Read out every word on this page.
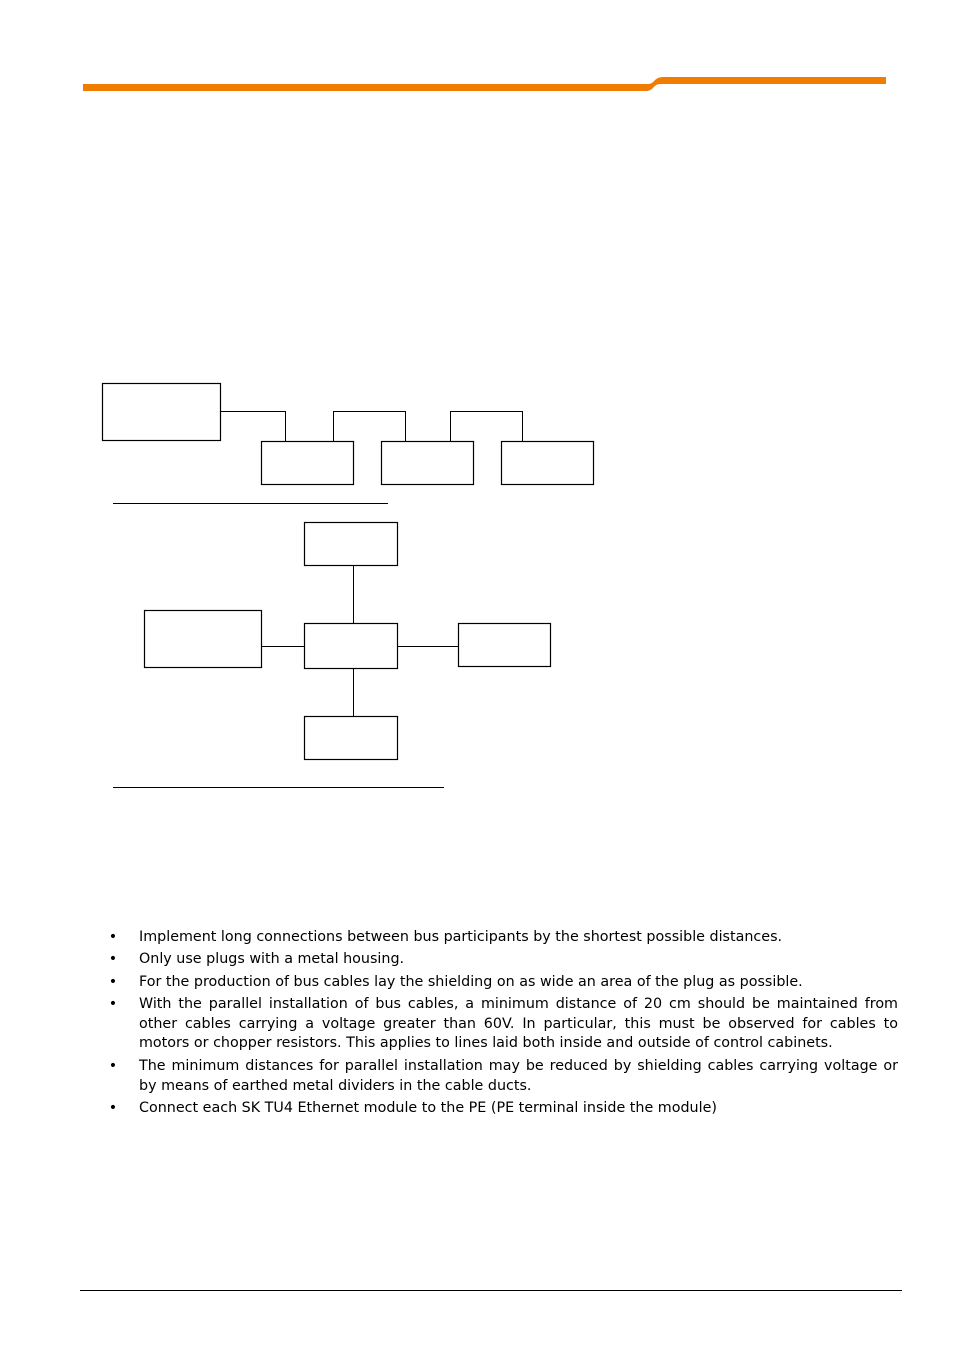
• Implement long connections between bus participants by the shortest possible distances.
• Only use plugs with a metal housing.
• For the production of bus cables lay the shielding on as wide an area of the plug as possible.
• With the parallel installation of bus cables, a minimum distance of 20 cm should be maintained from other cables carrying a voltage greater than 60V. In particular, this must be observed for cables to motors or chopper resistors. This applies to lines laid both inside and outside of control cabinets.
• The minimum distances for parallel installation may be reduced by shielding cables carrying voltage or by means of earthed metal dividers in the cable ducts.
• Connect each SK TU4 Ethernet module to the PE (PE terminal inside the module)
